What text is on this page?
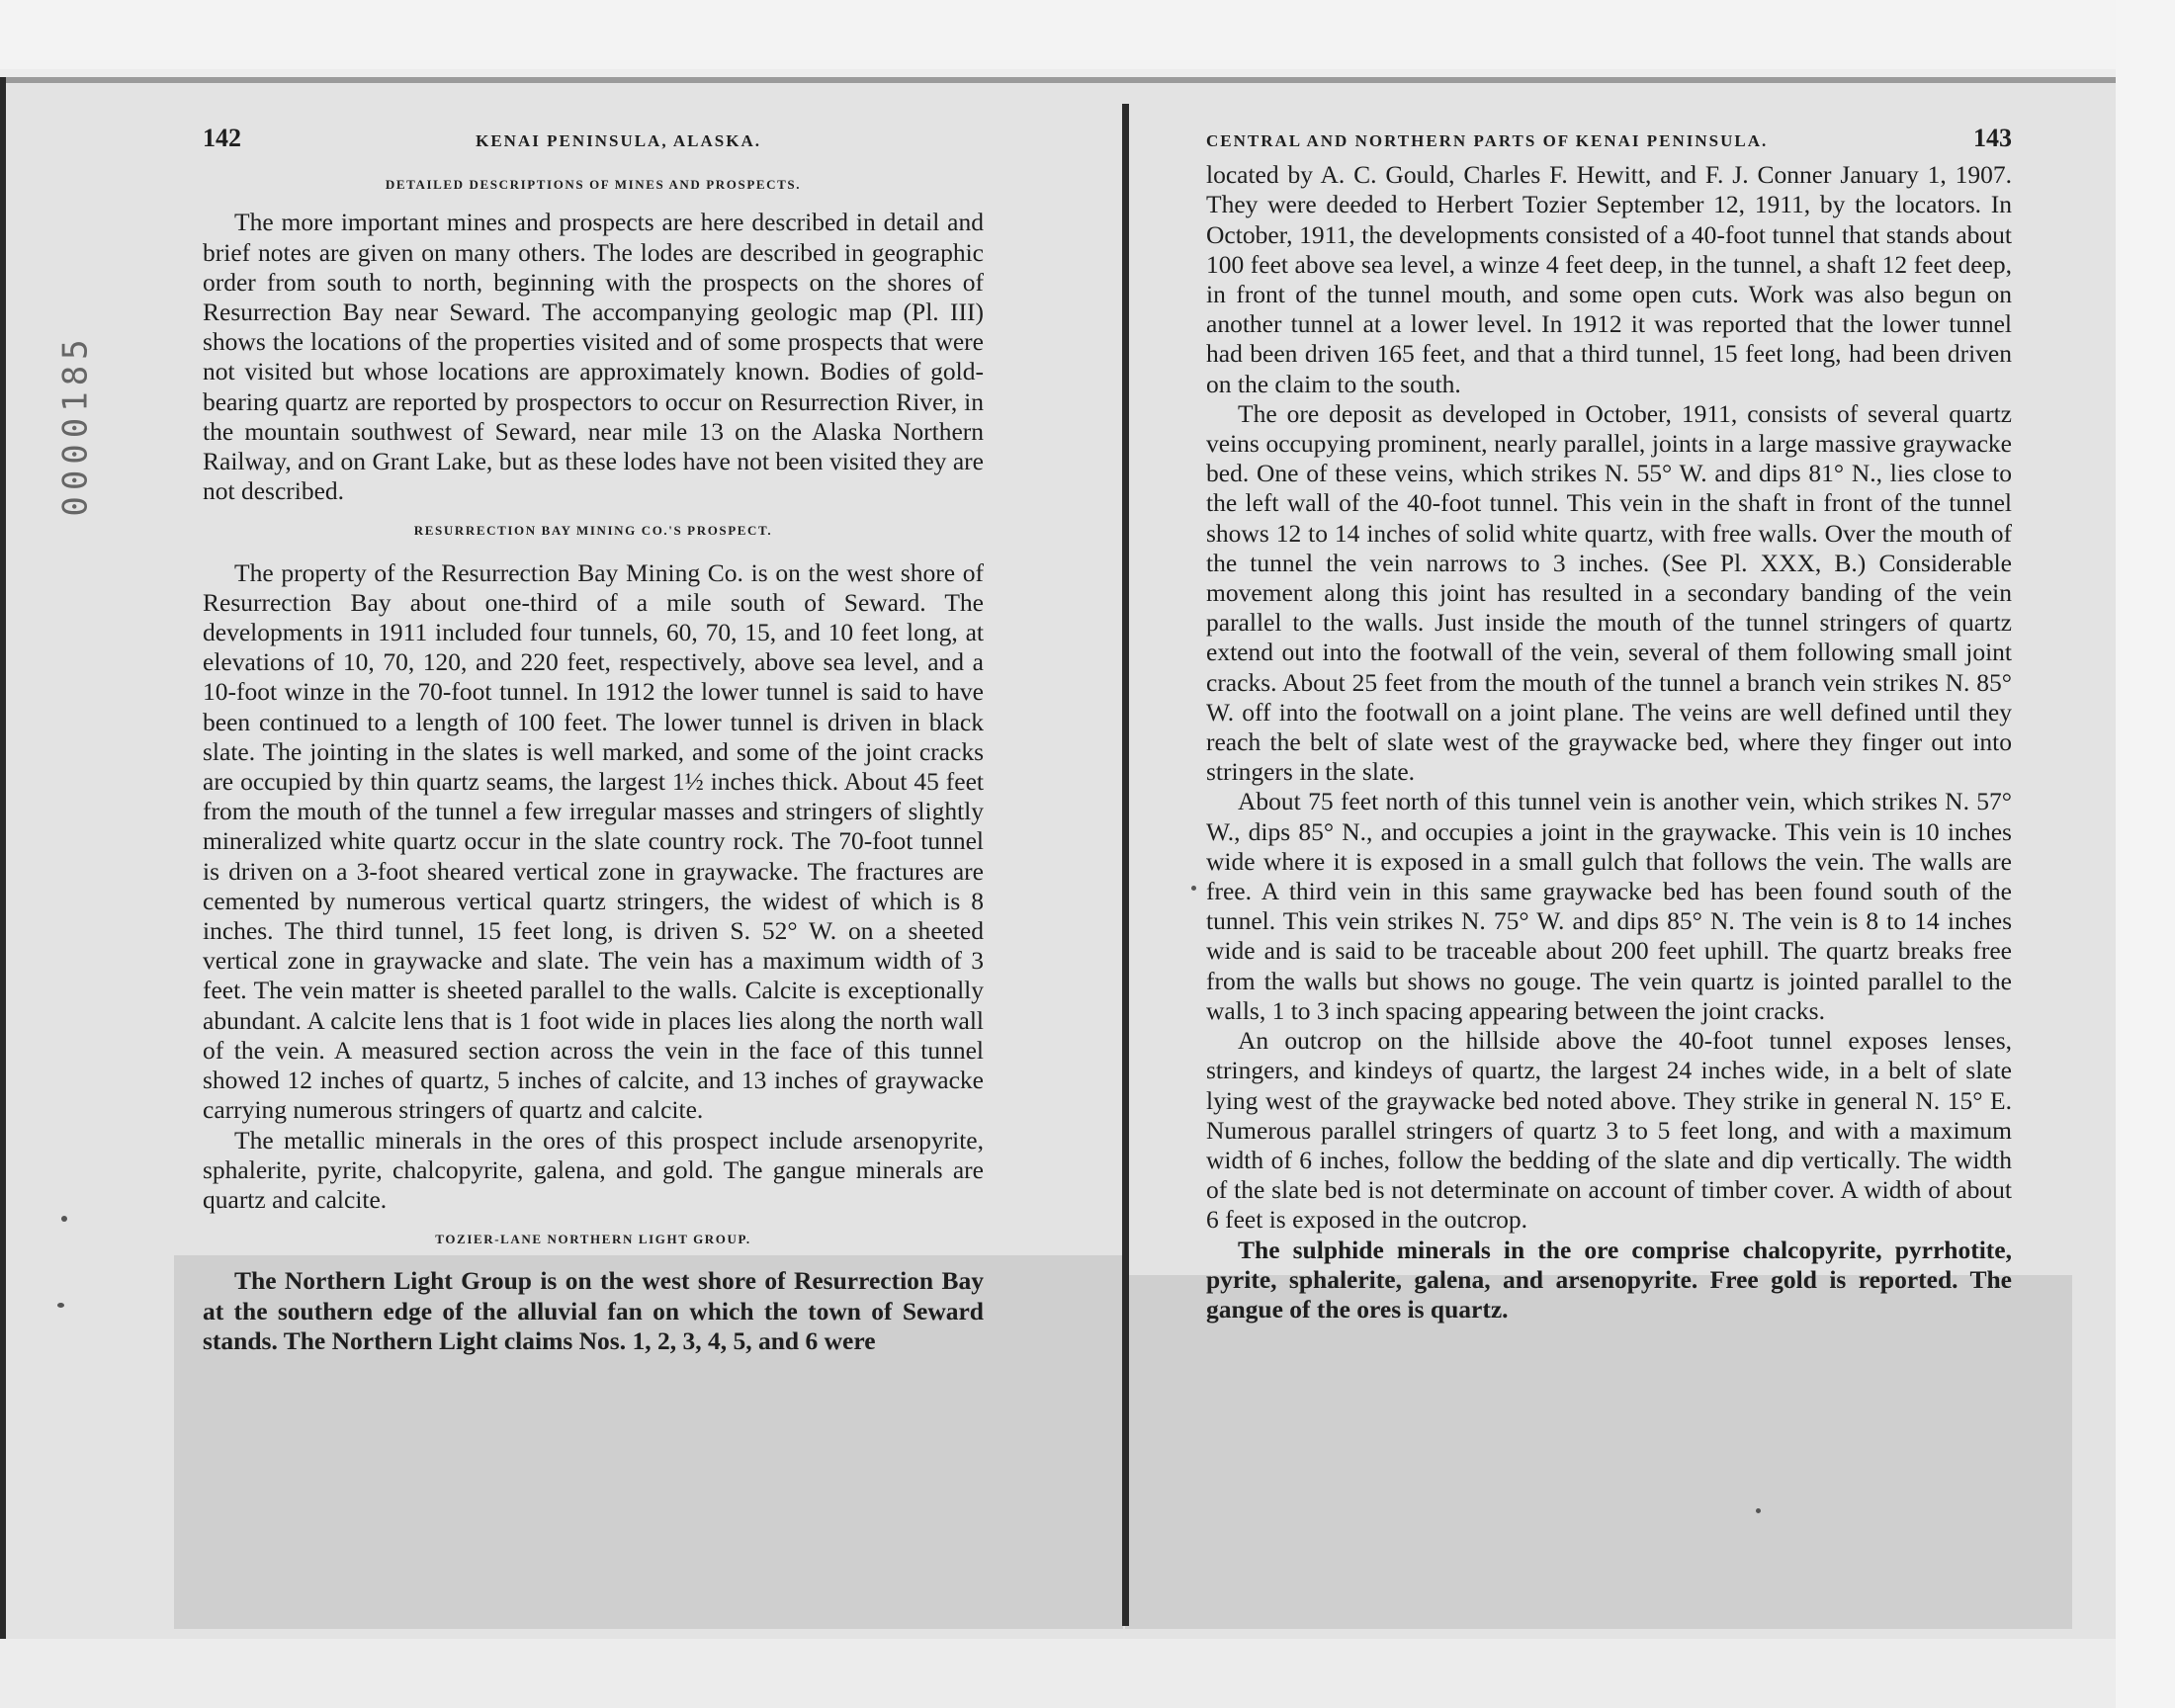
0000185
142	KENAI PENINSULA, ALASKA.
DETAILED DESCRIPTIONS OF MINES AND PROSPECTS.

The more important mines and prospects are here described in detail and brief notes are given on many others. The lodes are described in geographic order from south to north, beginning with the prospects on the shores of Resurrection Bay near Seward. The accompanying geologic map (Pl. III) shows the locations of the properties visited and of some prospects that were not visited but whose locations are approximately known. Bodies of gold-bearing quartz are reported by prospectors to occur on Resurrection River, in the mountain southwest of Seward, near mile 13 on the Alaska Northern Railway, and on Grant Lake, but as these lodes have not been visited they are not described.

RESURRECTION BAY MINING CO.'S PROSPECT.

The property of the Resurrection Bay Mining Co. is on the west shore of Resurrection Bay about one-third of a mile south of Seward. The developments in 1911 included four tunnels, 60, 70, 15, and 10 feet long, at elevations of 10, 70, 120, and 220 feet, respectively, above sea level, and a 10-foot winze in the 70-foot tunnel. In 1912 the lower tunnel is said to have been continued to a length of 100 feet. The lower tunnel is driven in black slate. The jointing in the slates is well marked, and some of the joint cracks are occupied by thin quartz seams, the largest 1½ inches thick. About 45 feet from the mouth of the tunnel a few irregular masses and stringers of slightly mineralized white quartz occur in the slate country rock. The 70-foot tunnel is driven on a 3-foot sheared vertical zone in graywacke. The fractures are cemented by numerous vertical quartz stringers, the widest of which is 8 inches. The third tunnel, 15 feet long, is driven S. 52° W. on a sheeted vertical zone in graywacke and slate. The vein has a maximum width of 3 feet. The vein matter is sheeted parallel to the walls. Calcite is exceptionally abundant. A calcite lens that is 1 foot wide in places lies along the north wall of the vein. A measured section across the vein in the face of this tunnel showed 12 inches of quartz, 5 inches of calcite, and 13 inches of graywacke carrying numerous stringers of quartz and calcite.

The metallic minerals in the ores of this prospect include arsenopyrite, sphalerite, pyrite, chalcopyrite, galena, and gold. The gangue minerals are quartz and calcite.

TOZIER-LANE NORTHERN LIGHT GROUP.

The Northern Light Group is on the west shore of Resurrection Bay at the southern edge of the alluvial fan on which the town of Seward stands. The Northern Light claims Nos. 1, 2, 3, 4, 5, and 6 were

CENTRAL AND NORTHERN PARTS OF KENAI PENINSULA.	143

located by A. C. Gould, Charles F. Hewitt, and F. J. Conner January 1, 1907. They were deeded to Herbert Tozier September 12, 1911, by the locators. In October, 1911, the developments consisted of a 40-foot tunnel that stands about 100 feet above sea level, a winze 4 feet deep, in the tunnel, a shaft 12 feet deep, in front of the tunnel mouth, and some open cuts. Work was also begun on another tunnel at a lower level. In 1912 it was reported that the lower tunnel had been driven 165 feet, and that a third tunnel, 15 feet long, had been driven on the claim to the south.

The ore deposit as developed in October, 1911, consists of several quartz veins occupying prominent, nearly parallel, joints in a large massive graywacke bed. One of these veins, which strikes N. 55° W. and dips 81° N., lies close to the left wall of the 40-foot tunnel. This vein in the shaft in front of the tunnel shows 12 to 14 inches of solid white quartz, with free walls. Over the mouth of the tunnel the vein narrows to 3 inches. (See Pl. XXX, B.) Considerable movement along this joint has resulted in a secondary banding of the vein parallel to the walls. Just inside the mouth of the tunnel stringers of quartz extend out into the footwall of the vein, several of them following small joint cracks. About 25 feet from the mouth of the tunnel a branch vein strikes N. 85° W. off into the footwall on a joint plane. The veins are well defined until they reach the belt of slate west of the graywacke bed, where they finger out into stringers in the slate.

About 75 feet north of this tunnel vein is another vein, which strikes N. 57° W., dips 85° N., and occupies a joint in the graywacke. This vein is 10 inches wide where it is exposed in a small gulch that follows the vein. The walls are free. A third vein in this same graywacke bed has been found south of the tunnel. This vein strikes N. 75° W. and dips 85° N. The vein is 8 to 14 inches wide and is said to be traceable about 200 feet uphill. The quartz breaks free from the walls but shows no gouge. The vein quartz is jointed parallel to the walls, 1 to 3 inch spacing appearing between the joint cracks.

An outcrop on the hillside above the 40-foot tunnel exposes lenses, stringers, and kindeys of quartz, the largest 24 inches wide, in a belt of slate lying west of the graywacke bed noted above. They strike in general N. 15° E. Numerous parallel stringers of quartz 3 to 5 feet long, and with a maximum width of 6 inches, follow the bedding of the slate and dip vertically. The width of the slate bed is not determinate on account of timber cover. A width of about 6 feet is exposed in the outcrop.

The sulphide minerals in the ore comprise chalcopyrite, pyrrhotite, pyrite, sphalerite, galena, and arsenopyrite. Free gold is reported. The gangue of the ores is quartz.
